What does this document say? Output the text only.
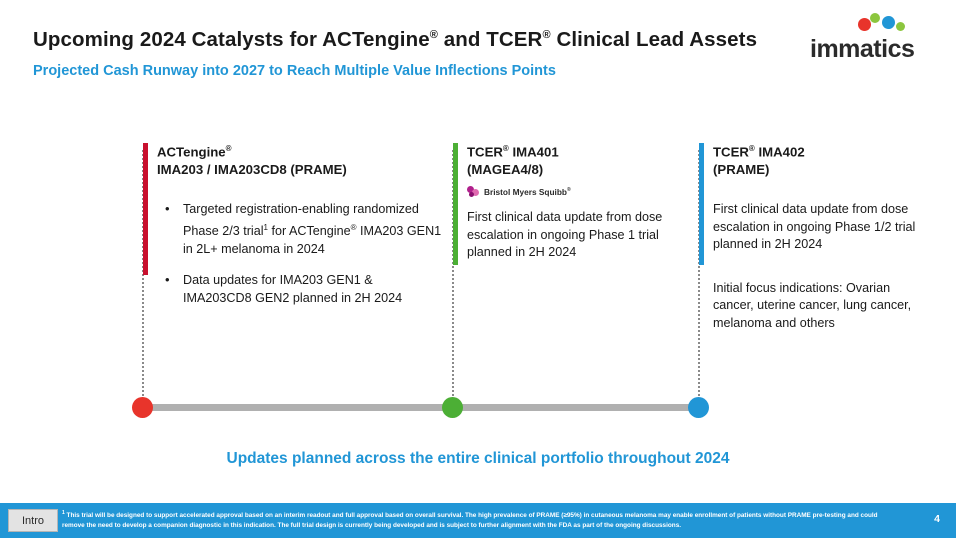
Upcoming 2024 Catalysts for ACTengine® and TCER® Clinical Lead Assets
Projected Cash Runway into 2027 to Reach Multiple Value Inflections Points
immatics
ACTengine®
IMA203 / IMA203CD8 (PRAME)
• Targeted registration-enabling randomized Phase 2/3 trial$^1$ for ACTengine® IMA203 GEN1 in 2L+ melanoma in 2024
• Data updates for IMA203 GEN1 & IMA203CD8 GEN2 planned in 2H 2024
TCER® IMA401
(MAGEA4/8)
Bristol Myers Squibb®

First clinical data update from dose escalation in ongoing Phase 1 trial planned in 2H 2024

TCER® IMA402
(PRAME)

First clinical data update from dose escalation in ongoing Phase 1/2 trial planned in 2H 2024

Initial focus indications: Ovarian cancer, uterine cancer, lung cancer, melanoma and others

Updates planned across the entire clinical portfolio throughout 2024
Intro
$^1$ This trial will be designed to support accelerated approval based on an interim readout and full approval based on overall survival. The high prevalence of PRAME (≥95%) in cutaneous melanoma may enable enrollment of patients without PRAME pre-testing and could remove the need to develop a companion diagnostic in this indication. The full trial design is currently being developed and is subject to further alignment with the FDA as part of the ongoing discussions.
4
